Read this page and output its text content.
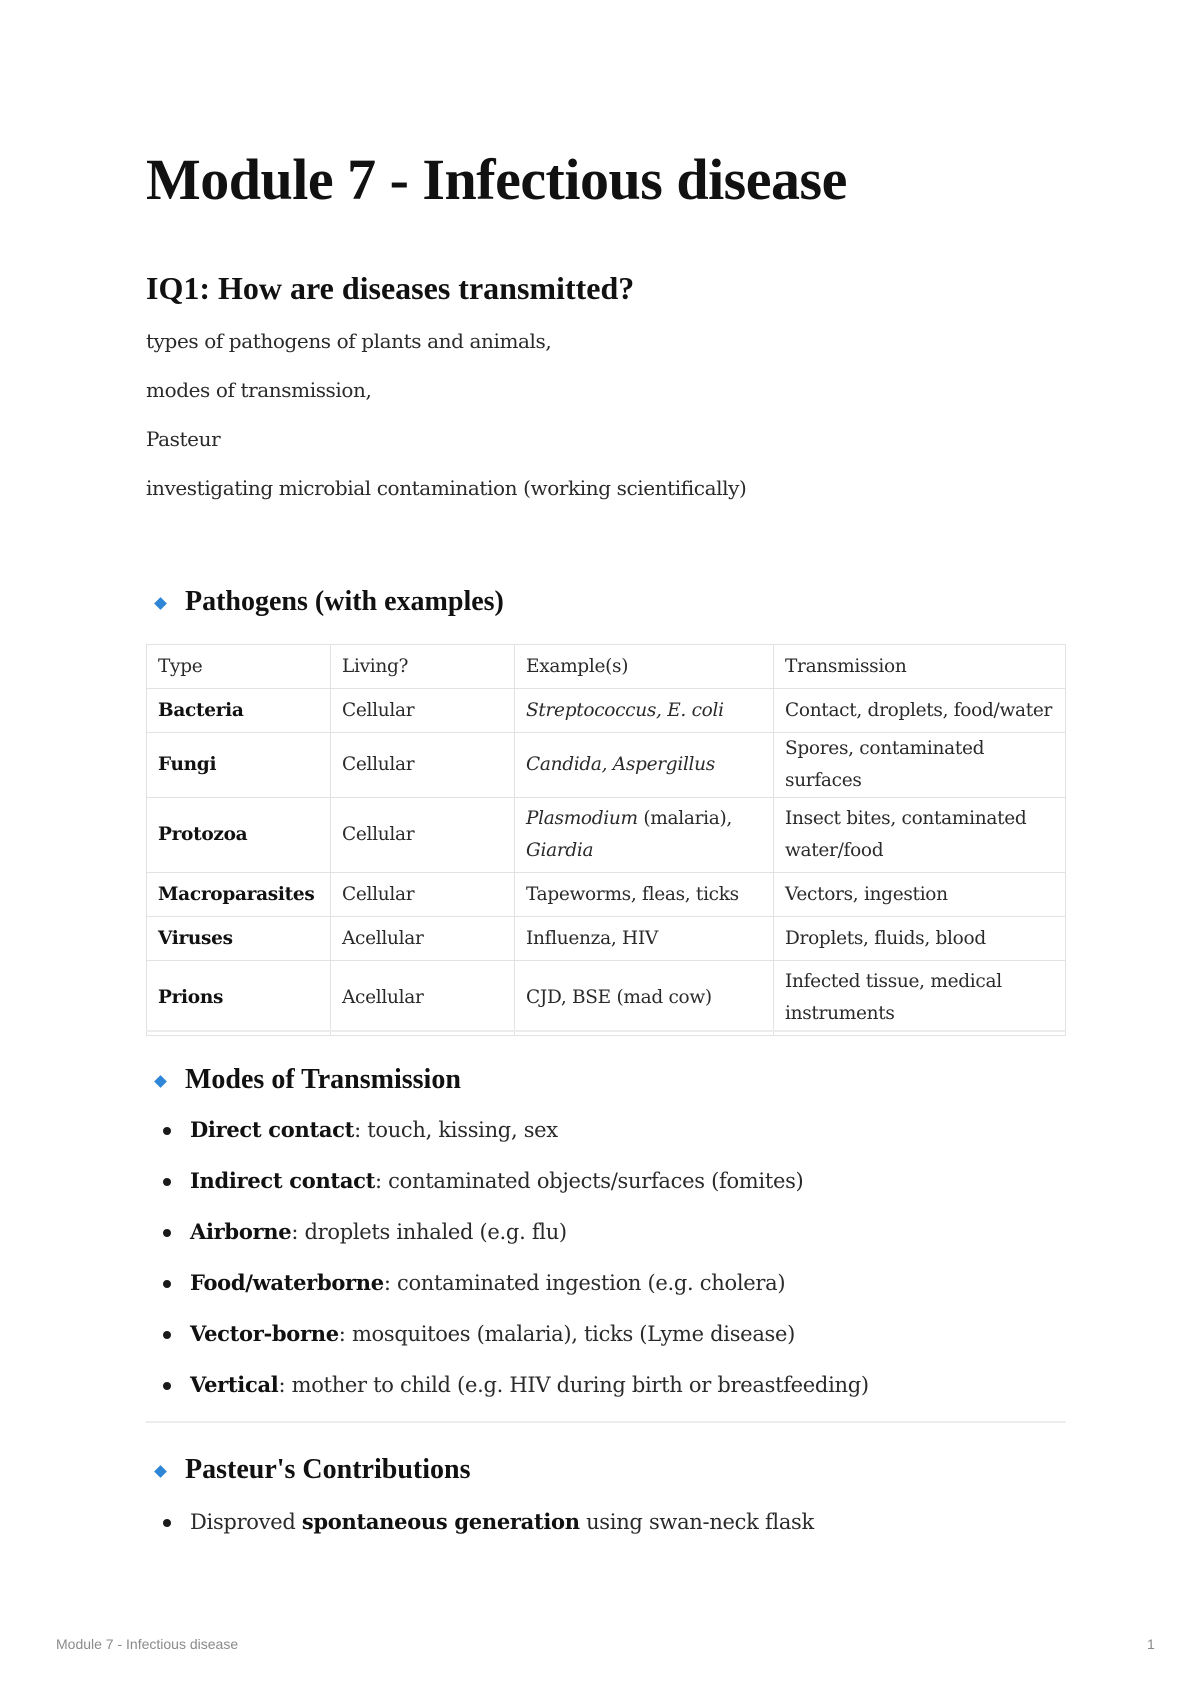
Module 7 - Infectious disease
IQ1: How are diseases transmitted?
types of pathogens of plants and animals,
modes of transmission,
Pasteur
investigating microbial contamination (working scientifically)
Pathogens (with examples)
Type	Living?	Example(s)	Transmission
Bacteria	Cellular	Streptococcus, E. coli	Contact, droplets, food/water
Fungi	Cellular	Candida, Aspergillus	Spores, contaminated surfaces
Protozoa	Cellular	Plasmodium (malaria), Giardia	Insect bites, contaminated water/food
Macroparasites	Cellular	Tapeworms, fleas, ticks	Vectors, ingestion
Viruses	Acellular	Influenza, HIV	Droplets, fluids, blood
Prions	Acellular	CJD, BSE (mad cow)	Infected tissue, medical instruments
Modes of Transmission
Direct contact: touch, kissing, sex
Indirect contact: contaminated objects/surfaces (fomites)
Airborne: droplets inhaled (e.g. flu)
Food/waterborne: contaminated ingestion (e.g. cholera)
Vector-borne: mosquitoes (malaria), ticks (Lyme disease)
Vertical: mother to child (e.g. HIV during birth or breastfeeding)
Pasteur's Contributions
Disproved spontaneous generation using swan-neck flask
Module 7 - Infectious disease	1
